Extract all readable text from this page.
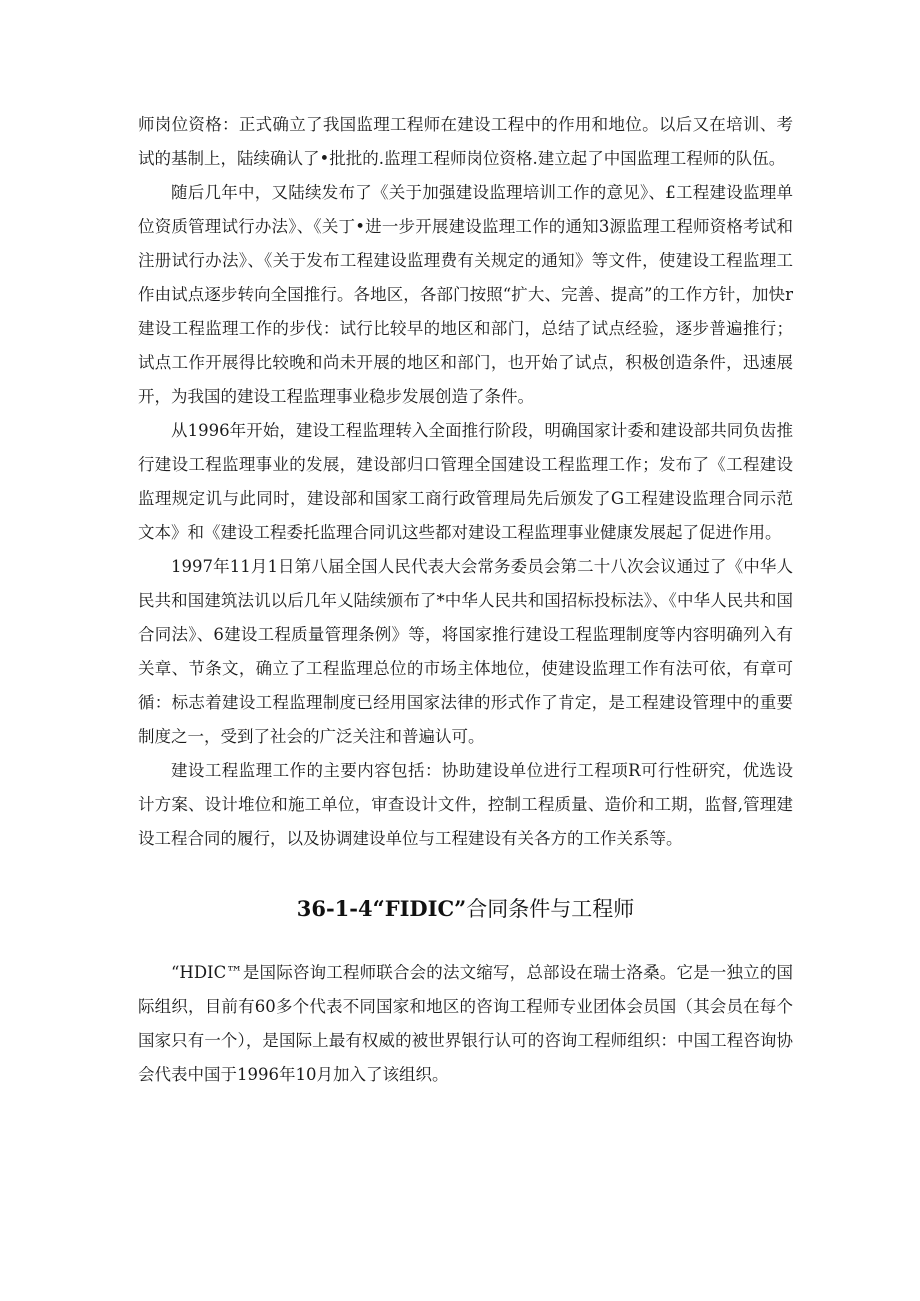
师岗位资格：正式确立了我国监理工程师在建设工程中的作用和地位。以后又在培训、考试的基制上，陆续确认了•批批的.监理工程师岗位资格.建立起了中国监理工程师的队伍。

随后几年中，又陆续发布了《关于加强建设监理培训工作的意见》、£工程建设监理单位资质管理试行办法》、《关丁•进一步开展建设监理工作的通知3源监理工程师资格考试和注册试行办法》、《关于发布工程建设监理费有关规定的通知》等文件，使建设工程监理工作由试点逐步转向全国推行。各地区，各部门按照“扩大、完善、提高”的工作方针，加快r建设工程监理工作的步伐：试行比较早的地区和部门，总结了试点经验，逐步普遍推行；试点工作开展得比较晚和尚未开展的地区和部门，也开始了试点，积极创造条件，迅速展开，为我国的建设工程监理事业稳步发展创造了条件。

从1996年开始，建设工程监理转入全面推行阶段，明确国家计委和建设部共同负齿推行建设工程监理事业的发展，建设部归口管理全国建设工程监理工作；发布了《工程建设监理规定讥与此同时，建设部和国家工商行政管理局先后颁发了G工程建设监理合同示范文本》和《建设工程委托监理合同讥这些都对建设工程监理事业健康发展起了促进作用。

1997年11月1日第八届全国人民代表大会常务委员会第二十八次会议通过了《中华人民共和国建筑法讥以后几年乂陆续颁布了*中华人民共和国招标投标法》、《中华人民共和国合同法》、6建设工程质量管理条例》等，将国家推行建设工程监理制度等内容明确列入有关章、节条文，确立了工程监理总位的市场主体地位，使建设监理工作有法可依，有章可循：标志着建设工程监理制度已经用国家法律的形式作了肯定，是工程建设管理中的重要制度之一，受到了社会的广泛关注和普遍认可。

建设工程监理工作的主要内容包括：协助建设单位进行工程项R可行性研究，优选设计方案、设计堆位和施工单位，审查设计文件，控制工程质量、造价和工期，监督,管理建设工程合同的履行，以及协调建设单位与工程建设有关各方的工作关系等。

36-1-4“FIDIC”合同条件与工程师

“HDIC™是国际咨询工程师联合会的法文缩写，总部设在瑞士洛桑。它是一独立的国际组织，目前有60多个代表不同国家和地区的咨询工程师专业团体会员国（其会员在每个国家只有一个），是国际上最有权威的被世界银行认可的咨询工程师组织：中国工程咨询协会代表中国于1996年10月加入了该组织。
